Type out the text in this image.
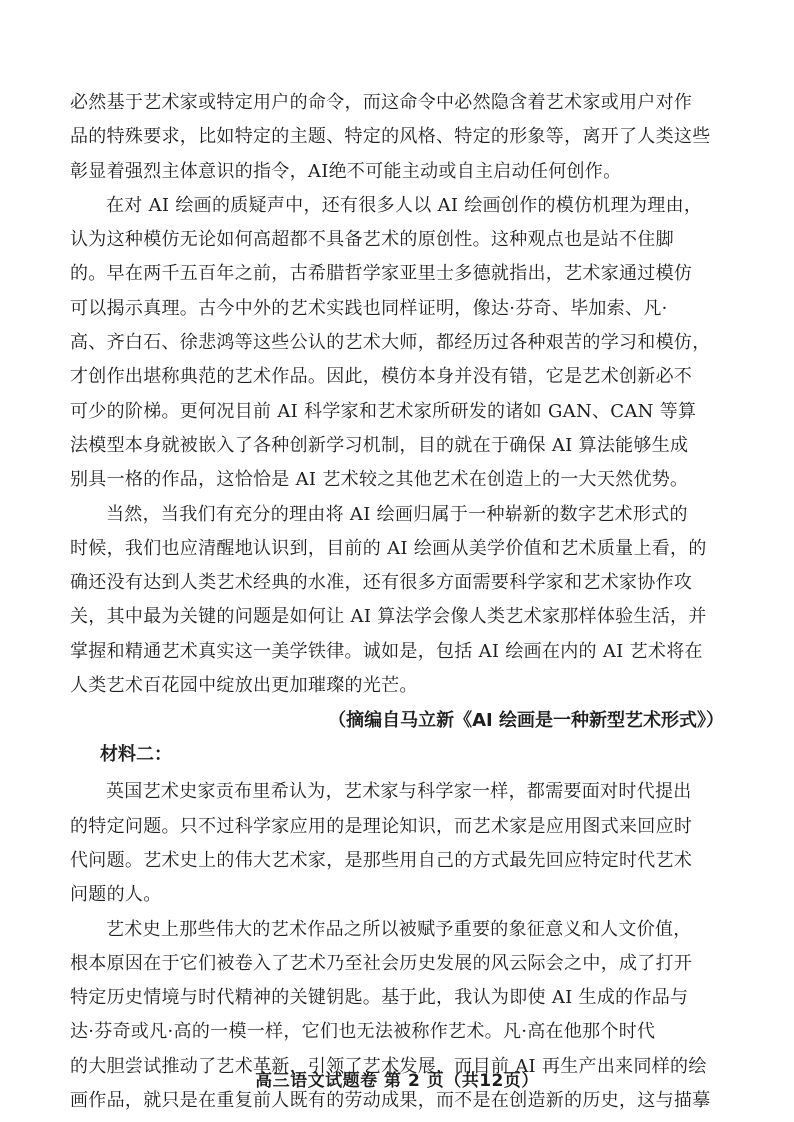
必然基于艺术家或特定用户的命令，而这命令中必然隐含着艺术家或用户对作
品的特殊要求，比如特定的主题、特定的风格、特定的形象等，离开了人类这些
彰显着强烈主体意识的指令，AI绝不可能主动或自主启动任何创作。

在对 AI 绘画的质疑声中，还有很多人以 AI 绘画创作的模仿机理为理由，
认为这种模仿无论如何高超都不具备艺术的原创性。这种观点也是站不住脚
的。早在两千五百年之前，古希腊哲学家亚里士多德就指出，艺术家通过模仿
可以揭示真理。古今中外的艺术实践也同样证明，像达·芬奇、毕加索、凡·
高、齐白石、徐悲鸿等这些公认的艺术大师，都经历过各种艰苦的学习和模仿，
才创作出堪称典范的艺术作品。因此，模仿本身并没有错，它是艺术创新必不
可少的阶梯。更何况目前 AI 科学家和艺术家所研发的诸如 GAN、CAN 等算
法模型本身就被嵌入了各种创新学习机制，目的就在于确保 AI 算法能够生成
别具一格的作品，这恰恰是 AI 艺术较之其他艺术在创造上的一大天然优势。

当然，当我们有充分的理由将 AI 绘画归属于一种崭新的数字艺术形式的
时候，我们也应清醒地认识到，目前的 AI 绘画从美学价值和艺术质量上看，的
确还没有达到人类艺术经典的水准，还有很多方面需要科学家和艺术家协作攻
关，其中最为关键的问题是如何让 AI 算法学会像人类艺术家那样体验生活，并
掌握和精通艺术真实这一美学铁律。诚如是，包括 AI 绘画在内的 AI 艺术将在
人类艺术百花园中绽放出更加璀璨的光芒。

（摘编自马立新《AI 绘画是一种新型艺术形式》）

材料二：

英国艺术史家贡布里希认为，艺术家与科学家一样，都需要面对时代提出
的特定问题。只不过科学家应用的是理论知识，而艺术家是应用图式来回应时
代问题。艺术史上的伟大艺术家，是那些用自己的方式最先回应特定时代艺术
问题的人。

艺术史上那些伟大的艺术作品之所以被赋予重要的象征意义和人文价值，
根本原因在于它们被卷入了艺术乃至社会历史发展的风云际会之中，成了打开
特定历史情境与时代精神的关键钥匙。基于此，我认为即使 AI 生成的作品与
达·芬奇或凡·高的一模一样，它们也无法被称作艺术。凡·高在他那个时代
的大胆尝试推动了艺术革新，引领了艺术发展，而目前 AI 再生产出来同样的绘
画作品，就只是在重复前人既有的劳动成果，而不是在创造新的历史，这与描摹

高三语文试题卷 第 2 页（共12页）
